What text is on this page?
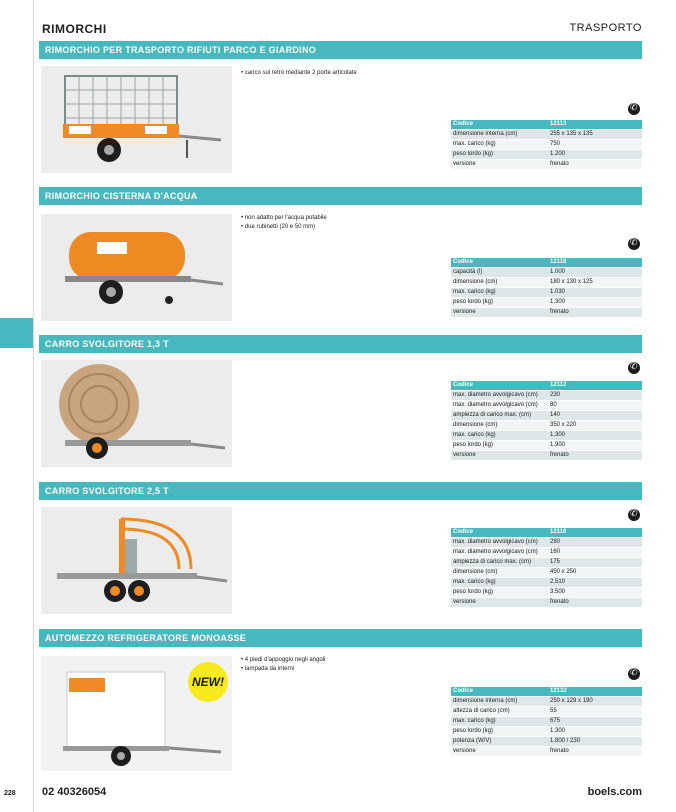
228
RIMORCHI	TRASPORTO
RIMORCHIO PER TRASPORTO RIFIUTI PARCO E GIARDINO
• carico sul retro mediante 2 porte articolate
✆
Codice	12113
dimensione interna (cm)	255 x 135 x 135
max. carico (kg)	750
peso lordo (kg)	1.200
versione	frenato
RIMORCHIO CISTERNA D'ACQUA
• non adatto per l'acqua potabile
• due rubinetti (20 e 50 mm)
✆
Codice	12118
capacità (l)	1.000
dimensione (cm)	180 x 130 x 125
max. carico (kg)	1.030
peso lordo (kg)	1.300
versione	frenato
CARRO SVOLGITORE 1,3 T
✆
Codice	12112
max. diametro avvolgicavo (cm)	230
max. diametro avvolgicavo (cm)	80
ampiezza di carico max. (cm)	140
dimensione (cm)	350 x 220
max. carico (kg)	1.300
peso lordo (kg)	1.900
versione	frenato
CARRO SVOLGITORE 2,5 T
✆
Codice	12116
max. diametro avvolgicavo (cm)	280
max. diametro avvolgicavo (cm)	160
ampiezza di carico max. (cm)	175
dimensione (cm)	450 x 250
max. carico (kg)	2.510
peso lordo (kg)	3.500
versione	frenato
AUTOMEZZO REFRIGERATORE MONOASSE
NEW!
• 4 piedi d'appoggio negli angoli
• lampada da interni
✆
Codice	12132
dimensione interna (cm)	250 x 129 x 190
altezza di carico (cm)	55
max. carico (kg)	675
peso lordo (kg)	1.300
potenza (W/V)	1.800 / 230
versione	frenato
02 40326054	boels.com
